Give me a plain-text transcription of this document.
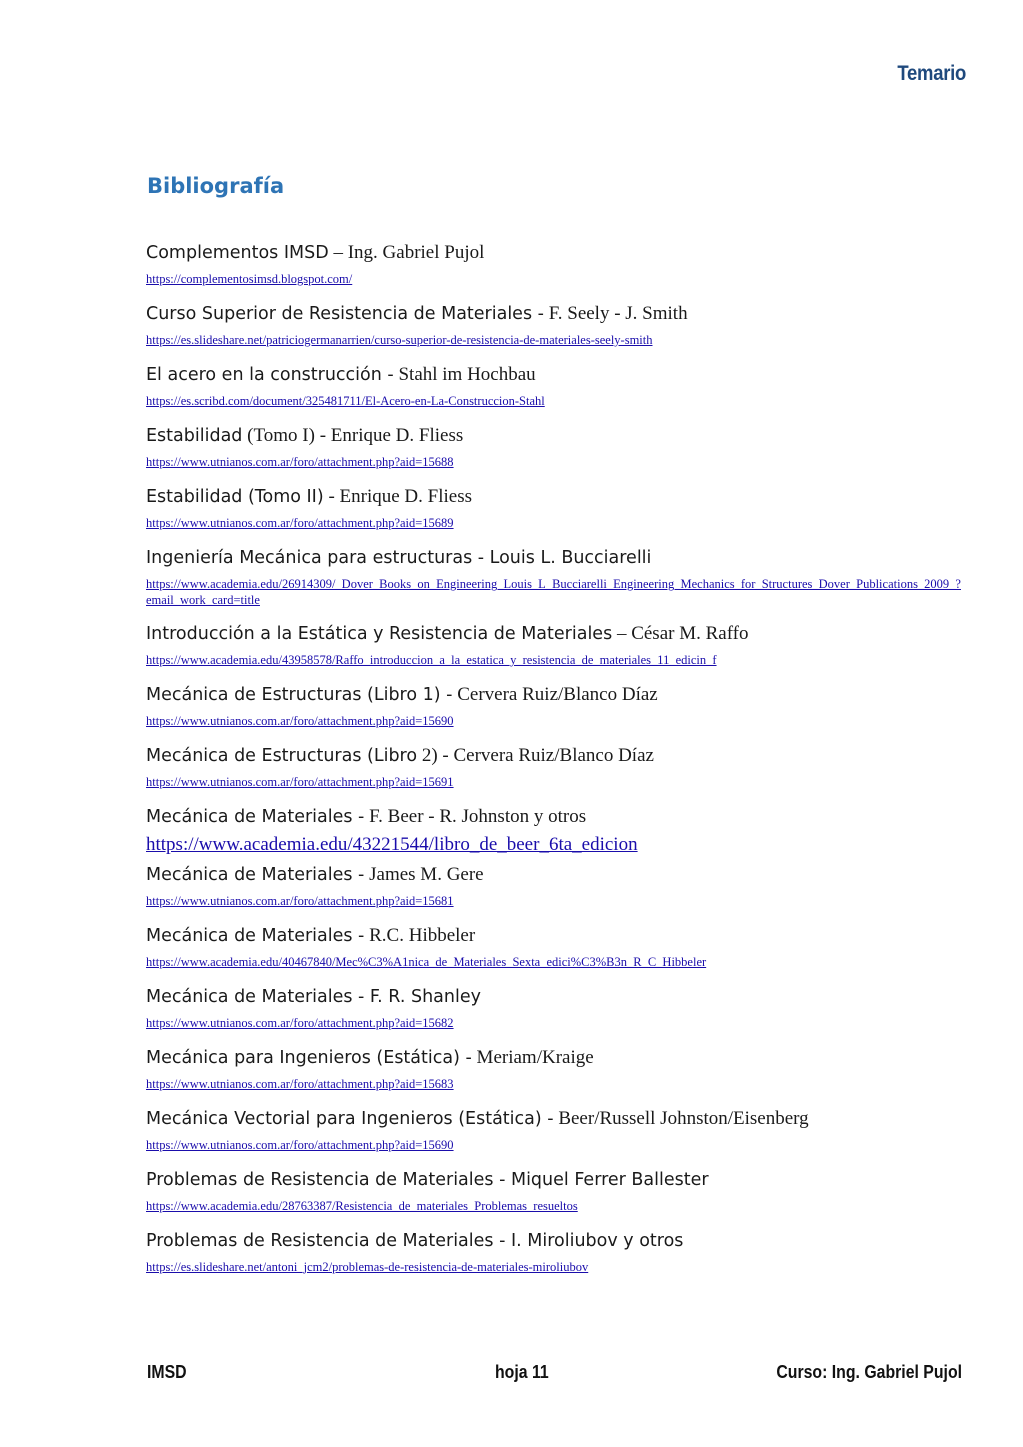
Temario
Bibliografía
Complementos IMSD – Ing. Gabriel Pujol
https://complementosimsd.blogspot.com/
Curso Superior de Resistencia de Materiales - F. Seely - J. Smith
https://es.slideshare.net/patriciogermanarrien/curso-superior-de-resistencia-de-materiales-seely-smith
El acero en la construcción - Stahl im Hochbau
https://es.scribd.com/document/325481711/El-Acero-en-La-Construccion-Stahl
Estabilidad (Tomo I) - Enrique D. Fliess
https://www.utnianos.com.ar/foro/attachment.php?aid=15688
Estabilidad (Tomo II) - Enrique D. Fliess
https://www.utnianos.com.ar/foro/attachment.php?aid=15689
Ingeniería Mecánica para estructuras - Louis L. Bucciarelli
https://www.academia.edu/26914309/_Dover_Books_on_Engineering_Louis_L_Bucciarelli_Engineering_Mechanics_for_Structures_Dover_Publications_2009_?email_work_card=title
Introducción a la Estática y Resistencia de Materiales – César M. Raffo
https://www.academia.edu/43958578/Raffo_introduccion_a_la_estatica_y_resistencia_de_materiales_11_edicin_f
Mecánica de Estructuras (Libro 1) - Cervera Ruiz/Blanco Díaz
https://www.utnianos.com.ar/foro/attachment.php?aid=15690
Mecánica de Estructuras (Libro 2) - Cervera Ruiz/Blanco Díaz
https://www.utnianos.com.ar/foro/attachment.php?aid=15691
Mecánica de Materiales - F. Beer - R. Johnston y otros
https://www.academia.edu/43221544/libro_de_beer_6ta_edicion
Mecánica de Materiales - James M. Gere
https://www.utnianos.com.ar/foro/attachment.php?aid=15681
Mecánica de Materiales - R.C. Hibbeler
https://www.academia.edu/40467840/Mec%C3%A1nica_de_Materiales_Sexta_edici%C3%B3n_R_C_Hibbeler
Mecánica de Materiales - F. R. Shanley
https://www.utnianos.com.ar/foro/attachment.php?aid=15682
Mecánica para Ingenieros (Estática) - Meriam/Kraige
https://www.utnianos.com.ar/foro/attachment.php?aid=15683
Mecánica Vectorial para Ingenieros (Estática) - Beer/Russell Johnston/Eisenberg
https://www.utnianos.com.ar/foro/attachment.php?aid=15690
Problemas de Resistencia de Materiales - Miquel Ferrer Ballester
https://www.academia.edu/28763387/Resistencia_de_materiales_Problemas_resueltos
Problemas de Resistencia de Materiales - I. Miroliubov y otros
https://es.slideshare.net/antoni_jcm2/problemas-de-resistencia-de-materiales-miroliubov
IMSD	hoja 11	Curso: Ing. Gabriel Pujol
